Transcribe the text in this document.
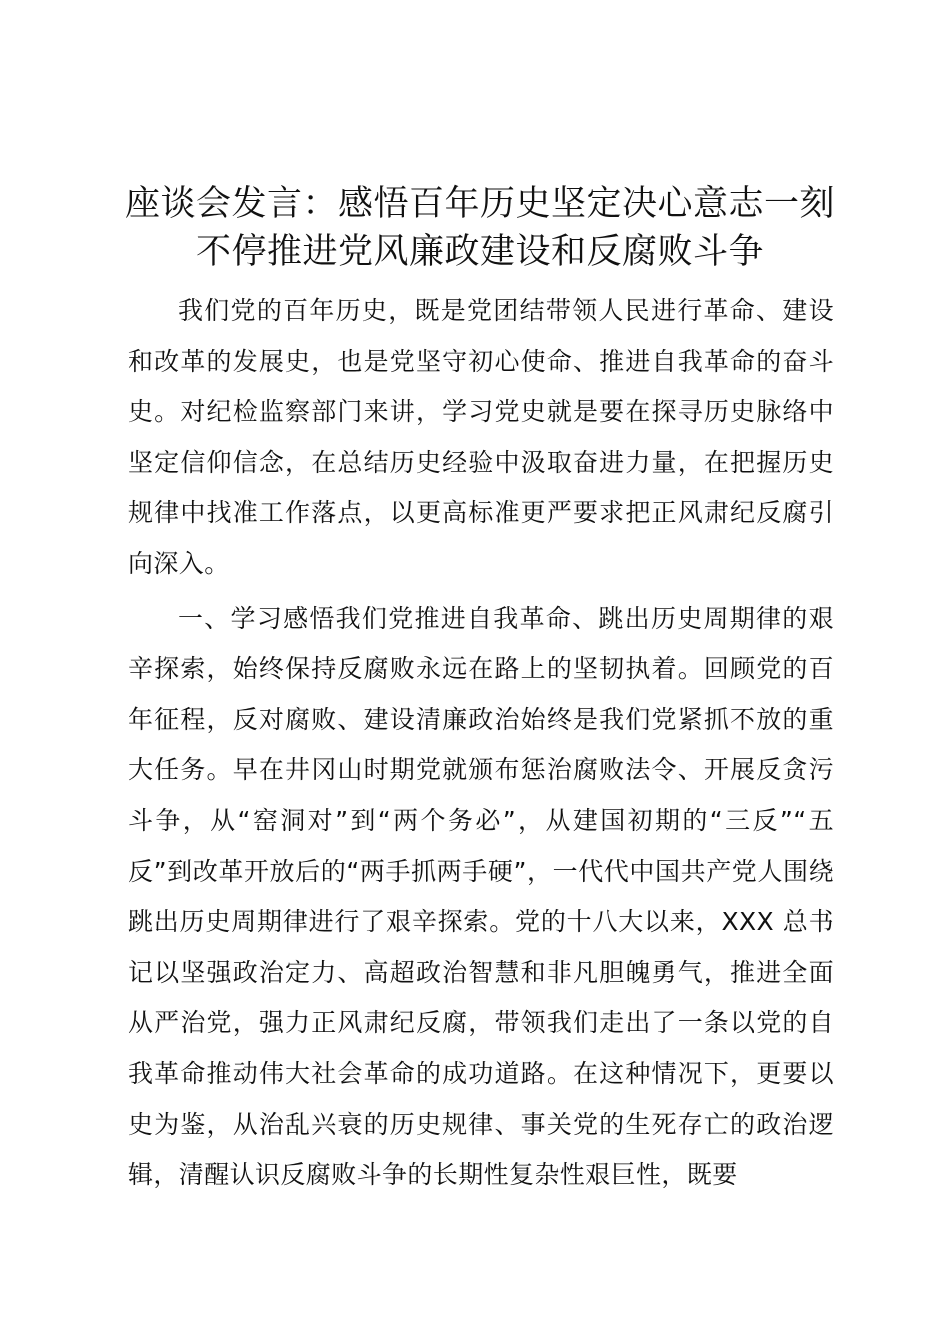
座谈会发言：感悟百年历史坚定决心意志一刻
不停推进党风廉政建设和反腐败斗争

我们党的百年历史，既是党团结带领人民进行革命、建设和改革的发展史，也是党坚守初心使命、推进自我革命的奋斗史。对纪检监察部门来讲，学习党史就是要在探寻历史脉络中坚定信仰信念，在总结历史经验中汲取奋进力量，在把握历史规律中找准工作落点，以更高标准更严要求把正风肃纪反腐引向深入。

一、学习感悟我们党推进自我革命、跳出历史周期律的艰辛探索，始终保持反腐败永远在路上的坚韧执着。回顾党的百年征程，反对腐败、建设清廉政治始终是我们党紧抓不放的重大任务。早在井冈山时期党就颁布惩治腐败法令、开展反贪污斗争，从“窑洞对”到“两个务必”，从建国初期的“三反”“五反”到改革开放后的“两手抓两手硬”，一代代中国共产党人围绕跳出历史周期律进行了艰辛探索。党的十八大以来，XXX 总书记以坚强政治定力、高超政治智慧和非凡胆魄勇气，推进全面从严治党，强力正风肃纪反腐，带领我们走出了一条以党的自我革命推动伟大社会革命的成功道路。在这种情况下，更要以史为鉴，从治乱兴衰的历史规律、事关党的生死存亡的政治逻辑，清醒认识反腐败斗争的长期性复杂性艰巨性，既要
